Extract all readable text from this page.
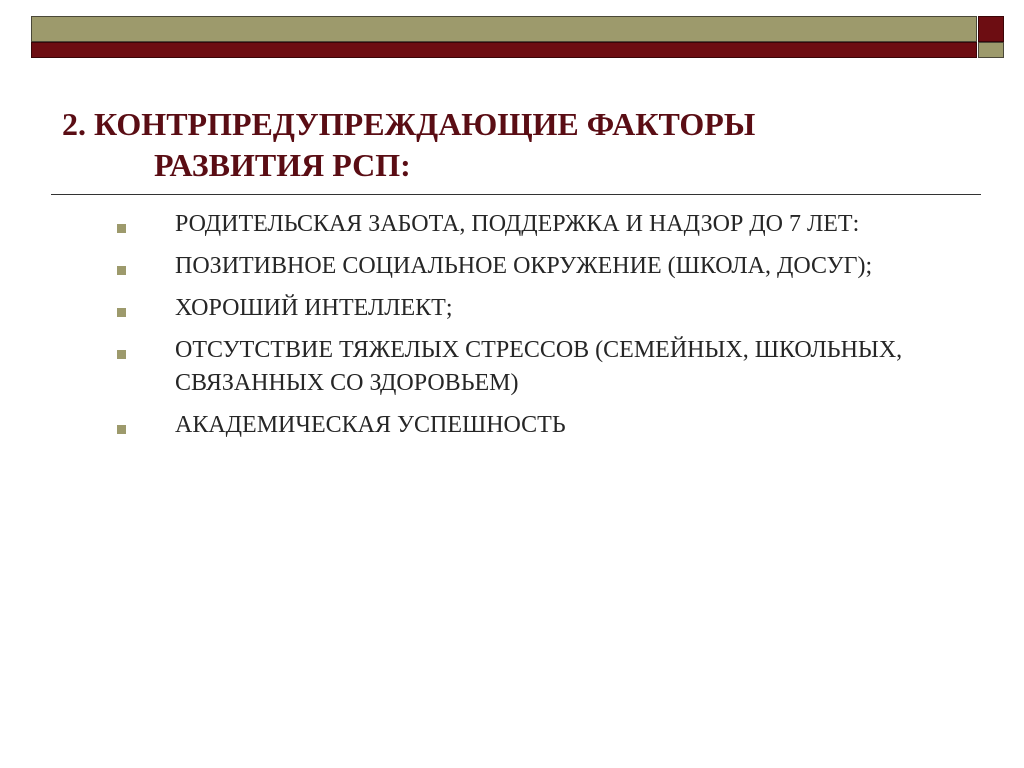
2. КОНТРПРЕДУПРЕЖДАЮЩИЕ ФАКТОРЫ
РАЗВИТИЯ РСП:
РОДИТЕЛЬСКАЯ ЗАБОТА, ПОДДЕРЖКА И НАДЗОР ДО 7 ЛЕТ:
ПОЗИТИВНОЕ СОЦИАЛЬНОЕ ОКРУЖЕНИЕ (ШКОЛА, ДОСУГ);
ХОРОШИЙ ИНТЕЛЛЕКТ;
ОТСУТСТВИЕ ТЯЖЕЛЫХ СТРЕССОВ (СЕМЕЙНЫХ, ШКОЛЬНЫХ, СВЯЗАННЫХ СО ЗДОРОВЬЕМ)
АКАДЕМИЧЕСКАЯ УСПЕШНОСТЬ
